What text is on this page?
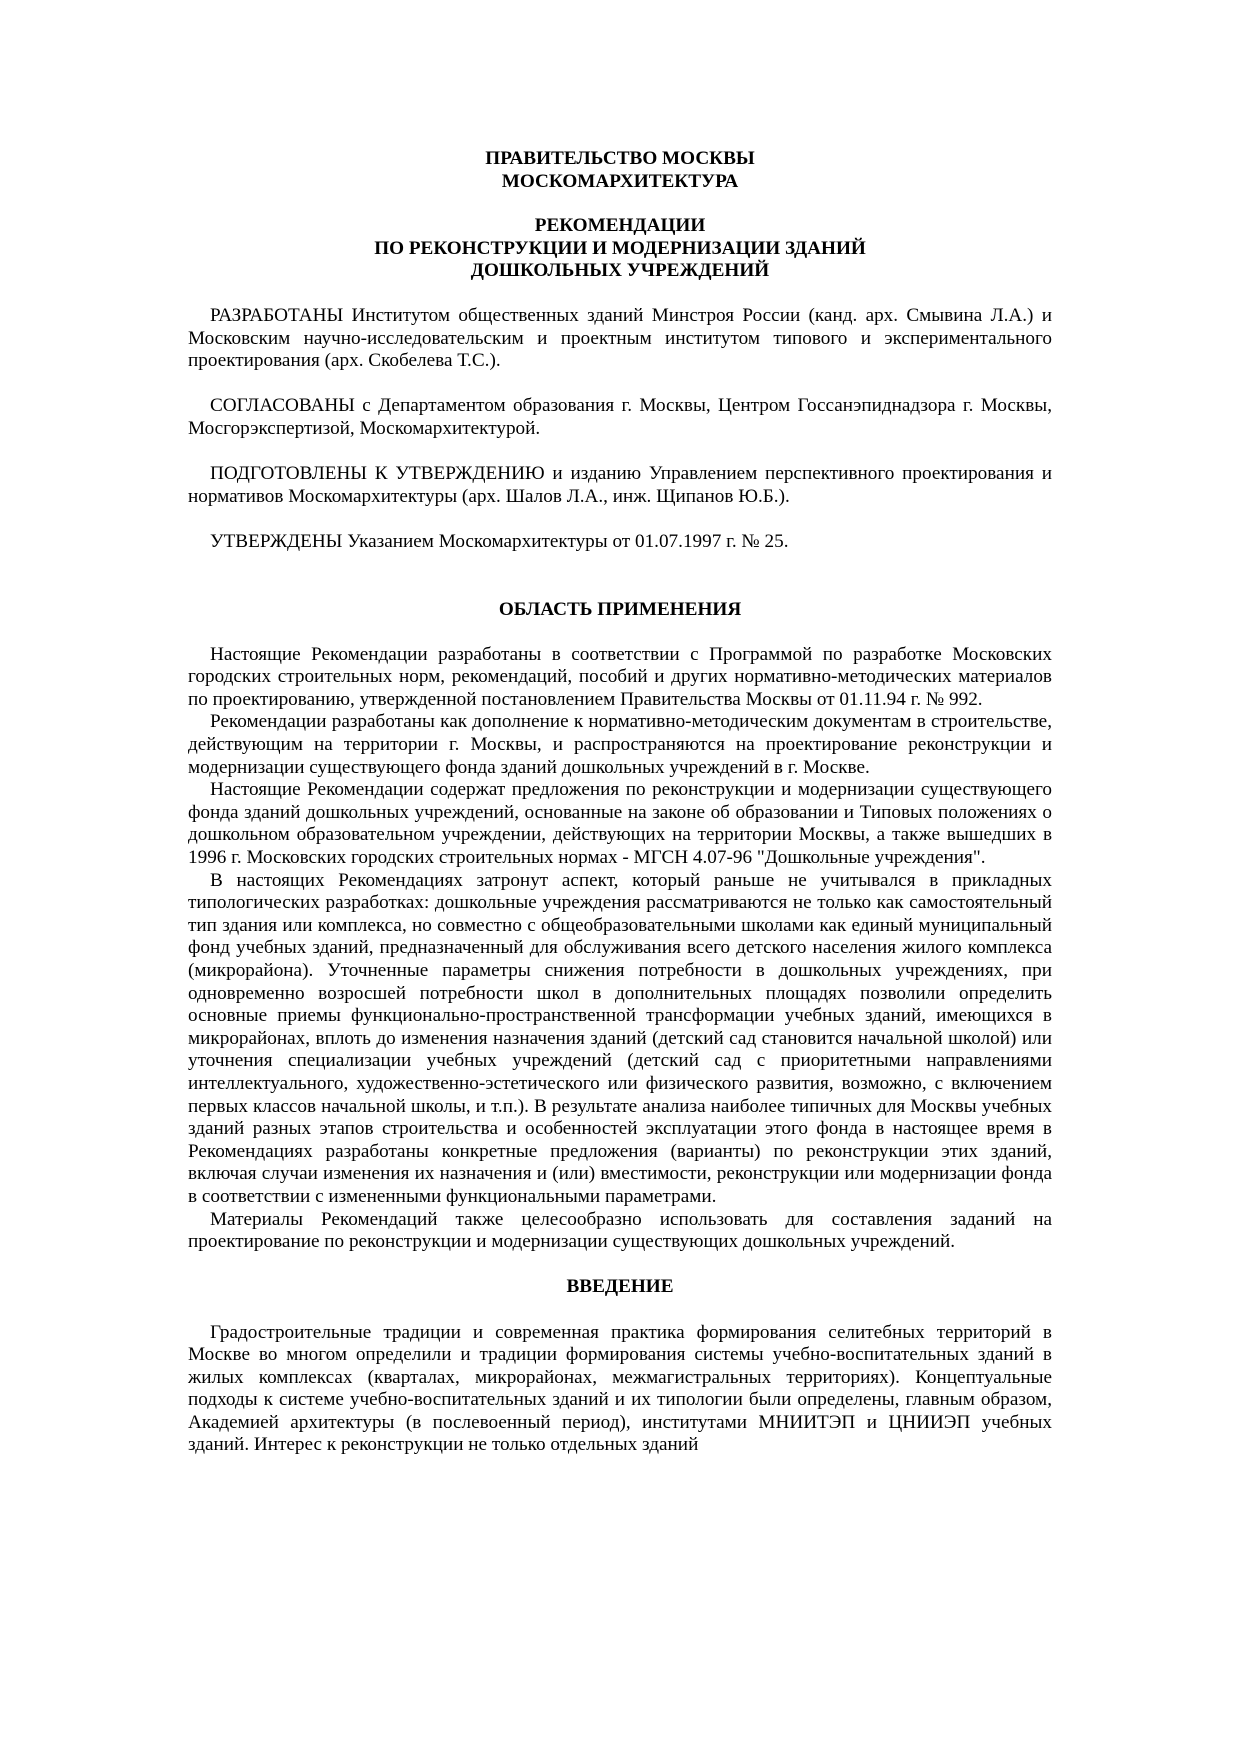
ПРАВИТЕЛЬСТВО МОСКВЫ
МОСКОМАРХИТЕКТУРА
РЕКОМЕНДАЦИИ
ПО РЕКОНСТРУКЦИИ И МОДЕРНИЗАЦИИ ЗДАНИЙ
ДОШКОЛЬНЫХ УЧРЕЖДЕНИЙ

РАЗРАБОТАНЫ Институтом общественных зданий Минстроя России (канд. арх. Смывина Л.А.) и Московским научно-исследовательским и проектным институтом типового и экспериментального проектирования (арх. Скобелева Т.С.).

СОГЛАСОВАНЫ с Департаментом образования г. Москвы, Центром Госсанэпиднадзора г. Москвы, Мосгорэкспертизой, Москомархитектурой.

ПОДГОТОВЛЕНЫ К УТВЕРЖДЕНИЮ и изданию Управлением перспективного проектирования и нормативов Москомархитектуры (арх. Шалов Л.А., инж. Щипанов Ю.Б.).

УТВЕРЖДЕНЫ Указанием Москомархитектуры от 01.07.1997 г. № 25.

ОБЛАСТЬ ПРИМЕНЕНИЯ

Настоящие Рекомендации разработаны в соответствии с Программой по разработке Московских городских строительных норм, рекомендаций, пособий и других нормативно-методических материалов по проектированию, утвержденной постановлением Правительства Москвы от 01.11.94 г. № 992.

Рекомендации разработаны как дополнение к нормативно-методическим документам в строительстве, действующим на территории г. Москвы, и распространяются на проектирование реконструкции и модернизации существующего фонда зданий дошкольных учреждений в г. Москве.

Настоящие Рекомендации содержат предложения по реконструкции и модернизации существующего фонда зданий дошкольных учреждений, основанные на законе об образовании и Типовых положениях о дошкольном образовательном учреждении, действующих на территории Москвы, а также вышедших в 1996 г. Московских городских строительных нормах - МГСН 4.07-96 "Дошкольные учреждения".

В настоящих Рекомендациях затронут аспект, который раньше не учитывался в прикладных типологических разработках: дошкольные учреждения рассматриваются не только как самостоятельный тип здания или комплекса, но совместно с общеобразовательными школами как единый муниципальный фонд учебных зданий, предназначенный для обслуживания всего детского населения жилого комплекса (микрорайона). Уточненные параметры снижения потребности в дошкольных учреждениях, при одновременно возросшей потребности школ в дополнительных площадях позволили определить основные приемы функционально-пространственной трансформации учебных зданий, имеющихся в микрорайонах, вплоть до изменения назначения зданий (детский сад становится начальной школой) или уточнения специализации учебных учреждений (детский сад с приоритетными направлениями интеллектуального, художественно-эстетического или физического развития, возможно, с включением первых классов начальной школы, и т.п.). В результате анализа наиболее типичных для Москвы учебных зданий разных этапов строительства и особенностей эксплуатации этого фонда в настоящее время в Рекомендациях разработаны конкретные предложения (варианты) по реконструкции этих зданий, включая случаи изменения их назначения и (или) вместимости, реконструкции или модернизации фонда в соответствии с измененными функциональными параметрами.

Материалы Рекомендаций также целесообразно использовать для составления заданий на проектирование по реконструкции и модернизации существующих дошкольных учреждений.

ВВЕДЕНИЕ

Градостроительные традиции и современная практика формирования селитебных территорий в Москве во многом определили и традиции формирования системы учебно-воспитательных зданий в жилых комплексах (кварталах, микрорайонах, межмагистральных территориях). Концептуальные подходы к системе учебно-воспитательных зданий и их типологии были определены, главным образом, Академией архитектуры (в послевоенный период), институтами МНИИТЭП и ЦНИИЭП учебных зданий. Интерес к реконструкции не только отдельных зданий
